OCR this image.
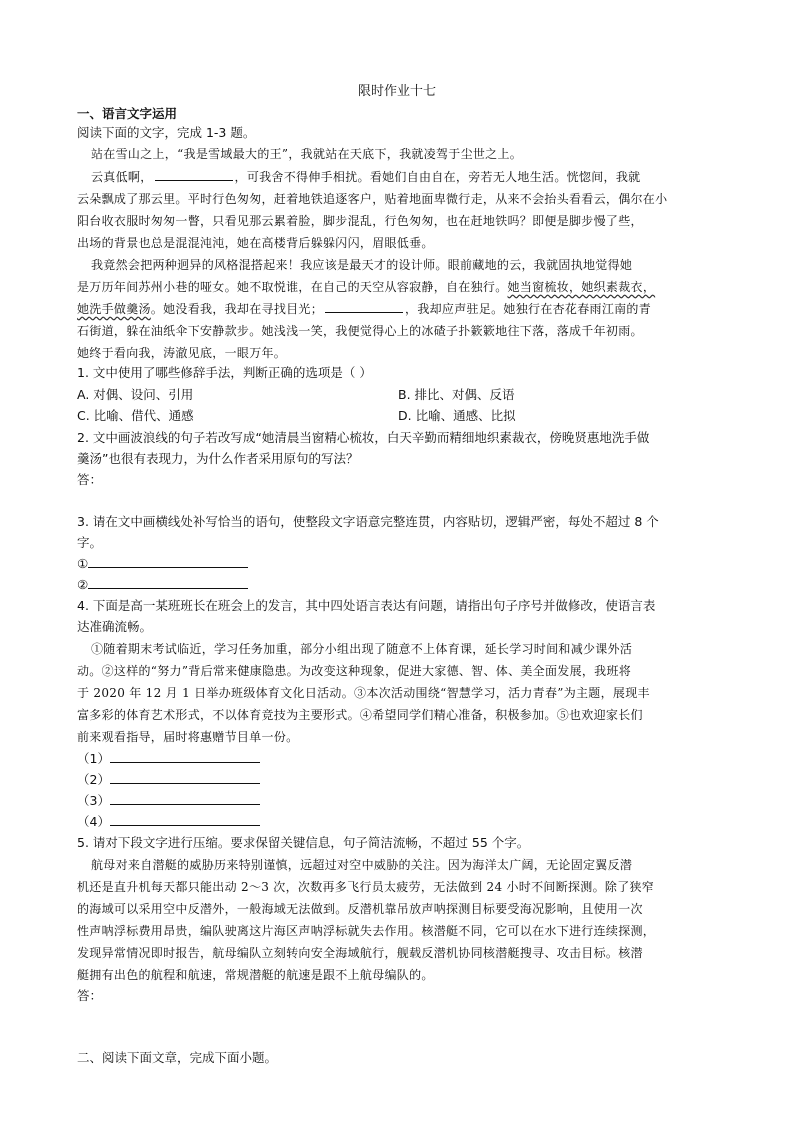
限时作业十七
一、语言文字运用
阅读下面的文字，完成 1-3 题。
站在雪山之上，“我是雪域最大的王”，我就站在天底下，我就凌驾于尘世之上。
云真低啊，	，可我舍不得伸手相扰。看她们自由自在，旁若无人地生活。恍惚间，我就
云朵飘成了那云里。平时行色匆匆，赶着地铁追逐客户，贴着地面卑微行走，从来不会抬头看看云，偶尔在小
阳台收衣服时匆匆一瞥，只看见那云累着脸，脚步混乱，行色匆匆，也在赶地铁吗？即便是脚步慢了些，
出场的背景也总是混混沌沌，她在高楼背后躲躲闪闪，眉眼低垂。
我竟然会把两种迥异的风格混搭起来！我应该是最天才的设计师。眼前藏地的云，我就固执地觉得她
是万历年间苏州小巷的哑女。她不取悦谁，在自己的天空从容寂静，自在独行。她当窗梳妆，她织素裁衣，
她洗手做羹汤。她没看我，我却在寻找目光；	，我却应声驻足。她独行在杏花春雨江南的青
石街道，躲在油纸伞下安静款步。她浅浅一笑，我便觉得心上的冰碴子扑簌簌地往下落，落成千年初雨。
她终于看向我，涛澈见底，一眼万年。
1. 文中使用了哪些修辞手法，判断正确的选项是（ ）
A. 对偶、设问、引用	B. 排比、对偶、反语
C. 比喻、借代、通感	D. 比喻、通感、比拟
2. 文中画波浪线的句子若改写成“她清晨当窗精心梳妆，白天辛勤而精细地织素裁衣，傍晚贤惠地洗手做
羹汤”也很有表现力，为什么作者采用原句的写法？
答：
3. 请在文中画横线处补写恰当的语句，使整段文字语意完整连贯，内容贴切，逻辑严密，每处不超过 8 个
字。
①
②
4. 下面是高一某班班长在班会上的发言，其中四处语言表达有问题，请指出句子序号并做修改，使语言表
达准确流畅。
①随着期末考试临近，学习任务加重，部分小组出现了随意不上体育课，延长学习时间和减少课外活
动。②这样的“努力”背后常来健康隐患。为改变这种现象，促进大家德、智、体、美全面发展，我班将
于 2020 年 12 月 1 日举办班级体育文化日活动。③本次活动围绕“智慧学习，活力青春”为主题，展现丰
富多彩的体育艺术形式，不以体育竞技为主要形式。④希望同学们精心准备，积极参加。⑤也欢迎家长们
前来观看指导，届时将惠赠节目单一份。
（1）
（2）
（3）
（4）
5. 请对下段文字进行压缩。要求保留关键信息，句子简洁流畅，不超过 55 个字。
航母对来自潜艇的威胁历来特别谨慎，远超过对空中威胁的关注。因为海洋太广阔，无论固定翼反潜
机还是直升机每天都只能出动 2～3 次，次数再多飞行员太疲劳，无法做到 24 小时不间断探测。除了狭窄
的海域可以采用空中反潜外，一般海域无法做到。反潜机靠吊放声呐探测目标要受海况影响，且使用一次
性声呐浮标费用昂贵，编队驶离这片海区声呐浮标就失去作用。核潜艇不同，它可以在水下进行连续探测，
发现异常情况即时报告，航母编队立刻转向安全海域航行，舰载反潜机协同核潜艇搜寻、攻击目标。核潜
艇拥有出色的航程和航速，常规潜艇的航速是跟不上航母编队的。
答：
二、阅读下面文章，完成下面小题。
